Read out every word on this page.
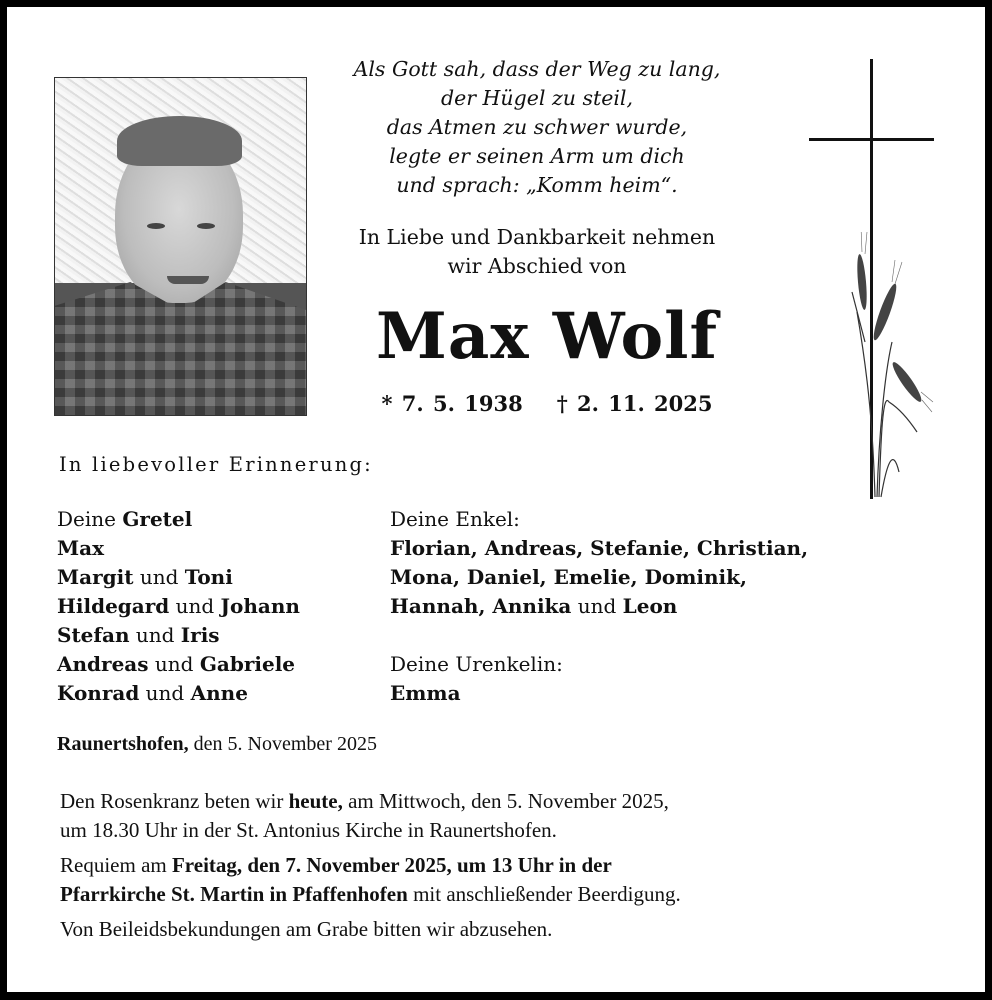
Als Gott sah, dass der Weg zu lang,
der Hügel zu steil,
das Atmen zu schwer wurde,
legte er seinen Arm um dich
und sprach: „Komm heim“.
In Liebe und Dankbarkeit nehmen
wir Abschied von
Max Wolf
* 7. 5. 1938 † 2. 11. 2025
In liebevoller Erinnerung:
Deine Gretel
Max
Margit und Toni
Hildegard und Johann
Stefan und Iris
Andreas und Gabriele
Konrad und Anne
Deine Enkel:
Florian, Andreas, Stefanie, Christian,
Mona, Daniel, Emelie, Dominik,
Hannah, Annika und Leon
Deine Urenkelin:
Emma
Raunertshofen, den 5. November 2025

Den Rosenkranz beten wir heute, am Mittwoch, den 5. November 2025,
um 18.30 Uhr in der St. Antonius Kirche in Raunertshofen.

Requiem am Freitag, den 7. November 2025, um 13 Uhr in der
Pfarrkirche St. Martin in Pfaffenhofen mit anschließender Beerdigung.

Von Beileidsbekundungen am Grabe bitten wir abzusehen.
